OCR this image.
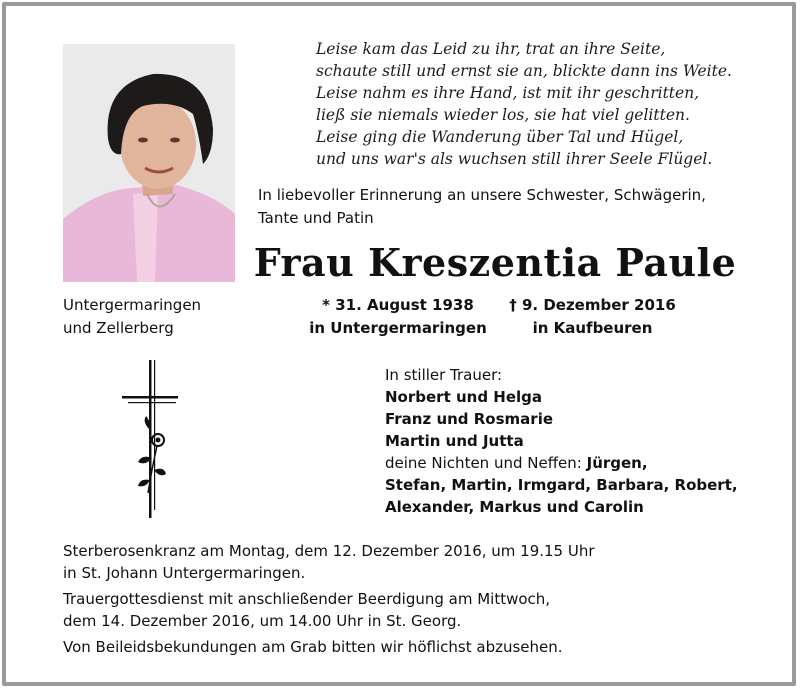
Leise kam das Leid zu ihr, trat an ihre Seite,
schaute still und ernst sie an, blickte dann ins Weite.
Leise nahm es ihre Hand, ist mit ihr geschritten,
ließ sie niemals wieder los, sie hat viel gelitten.
Leise ging die Wanderung über Tal und Hügel,
und uns war's als wuchsen still ihrer Seele Flügel.
In liebevoller Erinnerung an unsere Schwester, Schwägerin,
Tante und Patin
Frau Kreszentia Paule
Untergermaringen
und Zellerberg
* 31. August 1938
in Untergermaringen
† 9. Dezember 2016
in Kaufbeuren
In stiller Trauer:
Norbert und Helga
Franz und Rosmarie
Martin und Jutta
deine Nichten und Neffen: Jürgen,
Stefan, Martin, Irmgard, Barbara, Robert,
Alexander, Markus und Carolin

Sterberosenkranz am Montag, dem 12. Dezember 2016, um 19.15 Uhr
in St. Johann Untergermaringen.

Trauergottesdienst mit anschließender Beerdigung am Mittwoch,
dem 14. Dezember 2016, um 14.00 Uhr in St. Georg.

Von Beileidsbekundungen am Grab bitten wir höflichst abzusehen.
